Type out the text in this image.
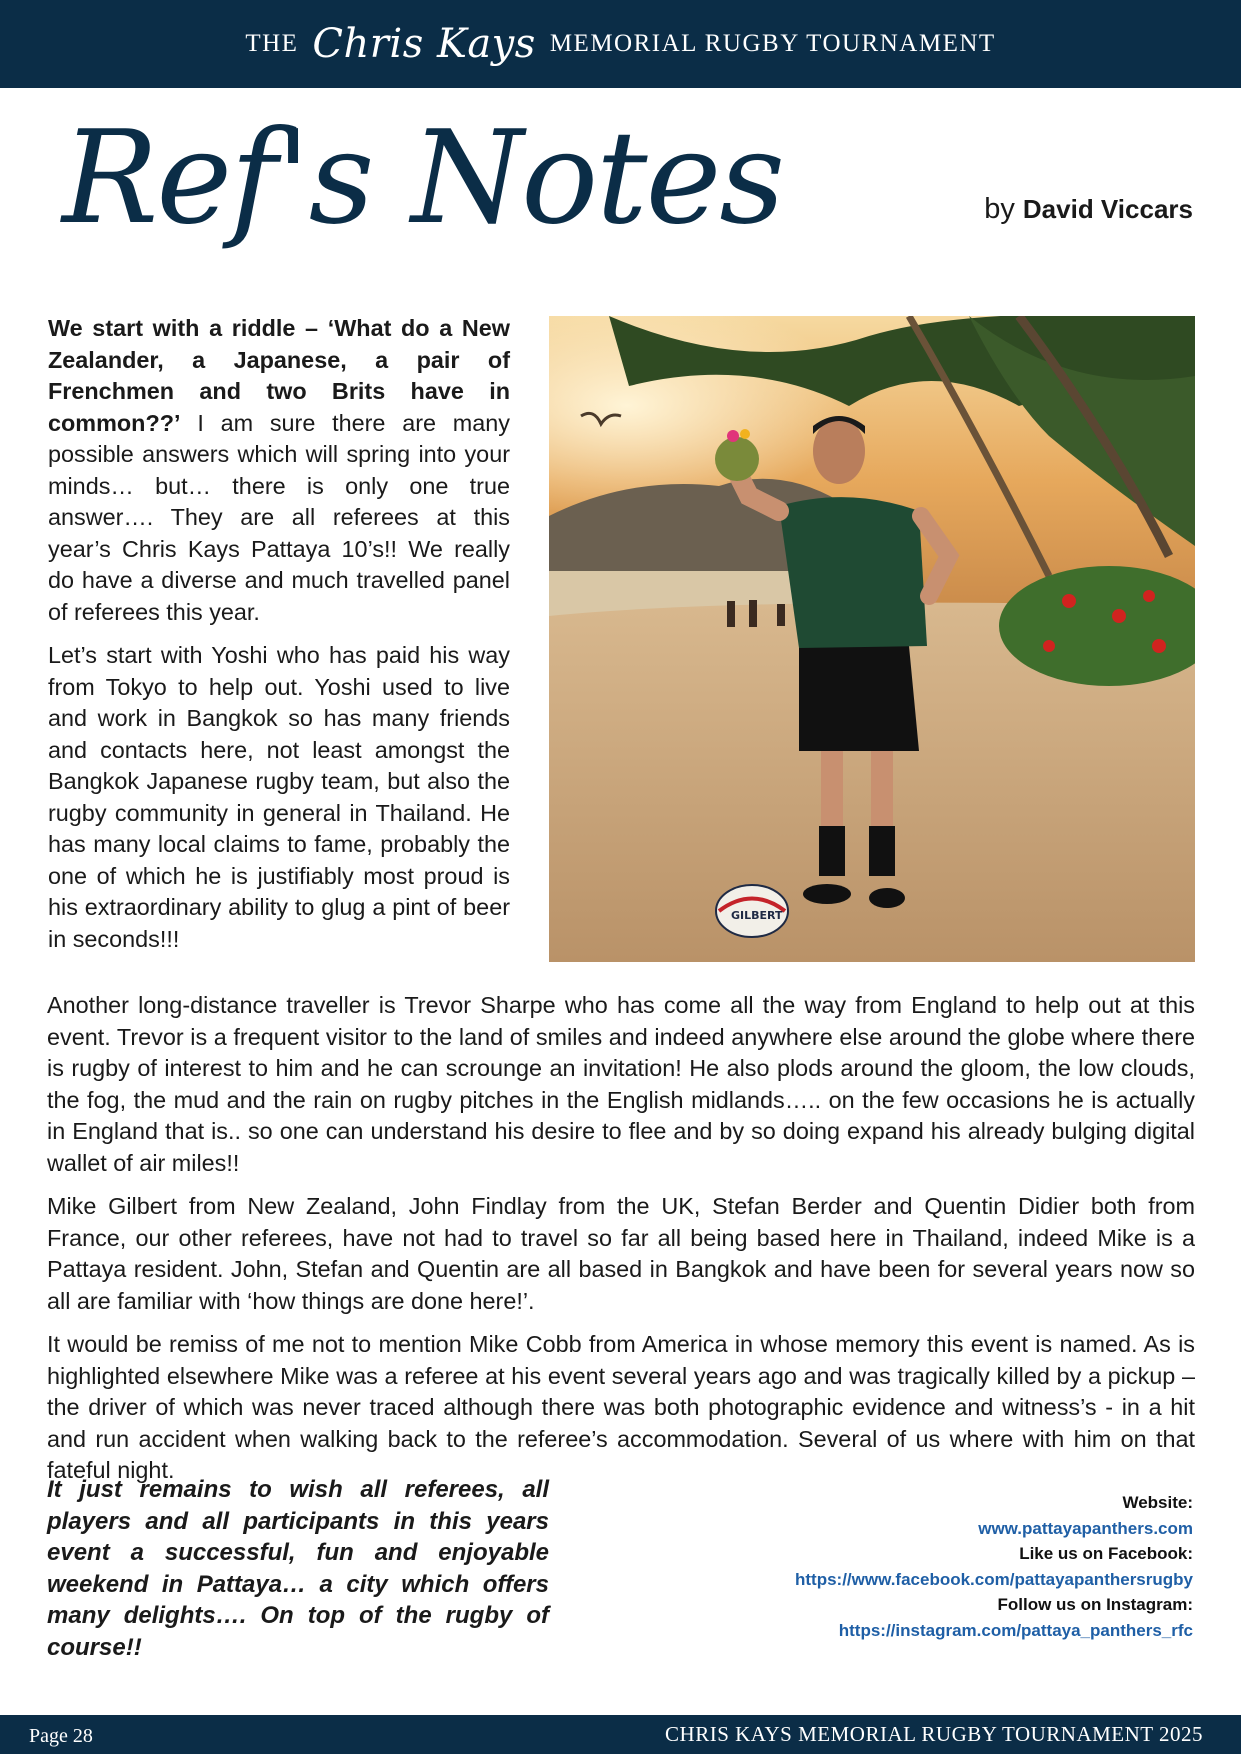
THE Chris Kays MEMORIAL RUGBY TOURNAMENT
Ref's Notes	by David Viccars

We start with a riddle – ‘What do a New Zealander, a Japanese, a pair of Frenchmen and two Brits have in common??’ I am sure there are many possible answers which will spring into your minds… but… there is only one true answer…. They are all referees at this year’s Chris Kays Pattaya 10’s!! We really do have a diverse and much travelled panel of referees this year.

Let’s start with Yoshi who has paid his way from Tokyo to help out. Yoshi used to live and work in Bangkok so has many friends and contacts here, not least amongst the Bangkok Japanese rugby team, but also the rugby community in general in Thailand. He has many local claims to fame, probably the one of which he is justifiably most proud is his extraordinary ability to glug a pint of beer in seconds!!!

GILBERT

Another long-distance traveller is Trevor Sharpe who has come all the way from England to help out at this event. Trevor is a frequent visitor to the land of smiles and indeed anywhere else around the globe where there is rugby of interest to him and he can scrounge an invitation! He also plods around the gloom, the low clouds, the fog, the mud and the rain on rugby pitches in the English midlands….. on the few occasions he is actually in England that is.. so one can understand his desire to flee and by so doing expand his already bulging digital wallet of air miles!!

Mike Gilbert from New Zealand, John Findlay from the UK, Stefan Berder and Quentin Didier both from France, our other referees, have not had to travel so far all being based here in Thailand, indeed Mike is a Pattaya resident. John, Stefan and Quentin are all based in Bangkok and have been for several years now so all are familiar with ‘how things are done here!’.

It would be remiss of me not to mention Mike Cobb from America in whose memory this event is named. As is highlighted elsewhere Mike was a referee at his event several years ago and was tragically killed by a pickup – the driver of which was never traced although there was both photographic evidence and witness’s - in a hit and run accident when walking back to the referee’s accommodation. Several of us where with him on that fateful night.

It just remains to wish all referees, all players and all participants in this years event a successful, fun and enjoyable weekend in Pattaya… a city which offers many delights…. On top of the rugby of course!!
Website:
www.pattayapanthers.com
Like us on Facebook:
https://www.facebook.com/pattayapanthersrugby
Follow us on Instagram:
https://instagram.com/pattaya_panthers_rfc
Page 28	CHRIS KAYS MEMORIAL RUGBY TOURNAMENT 2025
